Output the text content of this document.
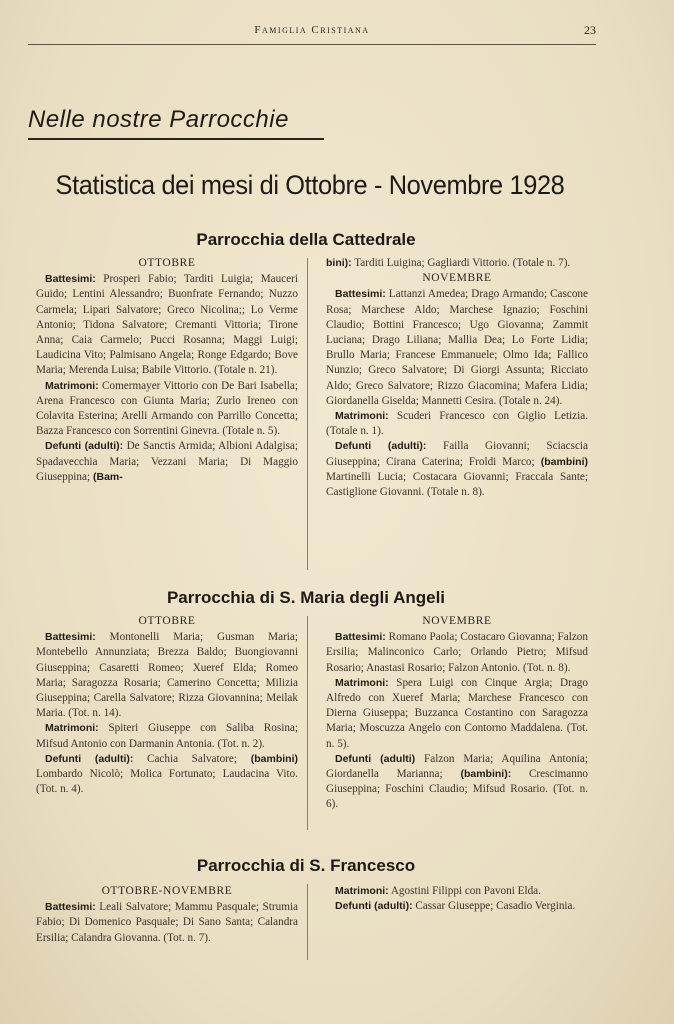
Famiglia Cristiana	23
Nelle nostre Parrocchie
Statistica dei mesi di Ottobre - Novembre 1928
Parrocchia della Cattedrale

OTTOBRE

Battesimi: Prosperi Fabio; Tarditi Luigia; Mauceri Guido; Lentini Alessandro; Buonfrate Fernando; Nuzzo Carmela; Lipari Salvatore; Greco Nicolina;; Lo Verme Antonio; Tidona Salvatore; Cremanti Vittoria; Tirone Anna; Caia Carmelo; Pucci Rosanna; Maggi Luigi; Laudicina Vito; Palmisano Angela; Ronge Edgardo; Bove Maria; Merenda Luisa; Babile Vittorio. (Totale n. 21).

Matrimoni: Comermayer Vittorio con De Bari Isabella; Arena Francesco con Giunta Maria; Zurlo Ireneo con Colavita Esterina; Arelli Armando con Parrillo Concetta; Bazza Francesco con Sorrentini Ginevra. (Totale n. 5).

Defunti (adulti): De Sanctis Armida; Albioni Adalgisa; Spadavecchia Maria; Vezzani Maria; Di Maggio Giuseppina; (Bam-

bini): Tarditi Luigina; Gagliardi Vittorio. (Totale n. 7).

NOVEMBRE

Battesimi: Lattanzi Amedea; Drago Armando; Cascone Rosa; Marchese Aldo; Marchese Ignazio; Foschini Claudio; Bottini Francesco; Ugo Giovanna; Zammit Luciana; Drago Liliana; Mallia Dea; Lo Forte Lidia; Brullo Maria; Francese Emmanuele; Olmo Ida; Fallico Nunzio; Greco Salvatore; Di Giorgi Assunta; Ricciato Aldo; Greco Salvatore; Rizzo Giacomina; Mafera Lidia; Giordanella Giselda; Mannetti Cesira. (Totale n. 24).

Matrimoni: Scuderi Francesco con Giglio Letizia. (Totale n. 1).

Defunti (adulti): Failla Giovanni; Sciacscia Giuseppina; Cirana Caterina; Froldi Marco; (bambini) Martinelli Lucia; Costacara Giovanni; Fraccala Sante; Castiglione Giovanni. (Totale n. 8).

Parrocchia di S. Maria degli Angeli

OTTOBRE

Battesimi: Montonelli Maria; Gusman Maria; Montebello Annunziata; Brezza Baldo; Buongiovanni Giuseppina; Casaretti Romeo; Xueref Elda; Romeo Maria; Saragozza Rosaria; Camerino Concetta; Milizia Giuseppina; Carella Salvatore; Rizza Giovannina; Meilak Maria. (Tot. n. 14).

Matrimoni: Spiteri Giuseppe con Saliba Rosina; Mifsud Antonio con Darmanin Antonia. (Tot. n. 2).

Defunti (adulti): Cachia Salvatore; (bambini) Lombardo Nicolò; Molica Fortunato; Laudacina Vito. (Tot. n. 4).

NOVEMBRE

Battesimi: Romano Paola; Costacaro Giovanna; Falzon Ersilia; Malinconico Carlo; Orlando Pietro; Mifsud Rosario; Anastasi Rosario; Falzon Antonio. (Tot. n. 8).

Matrimoni: Spera Luigi con Cinque Argia; Drago Alfredo con Xueref Maria; Marchese Francesco con Dierna Giuseppa; Buzzanca Costantino con Saragozza Maria; Moscuzza Angelo con Contorno Maddalena. (Tot. n. 5).

Defunti (adulti) Falzon Maria; Aquilina Antonia; Giordanella Marianna; (bambini): Crescimanno Giuseppina; Foschini Claudio; Mifsud Rosario. (Tot. n. 6).

Parrocchia di S. Francesco

OTTOBRE-NOVEMBRE

Battesimi: Leali Salvatore; Mammu Pasquale; Strumia Fabio; Di Domenico Pasquale; Di Sano Santa; Calandra Ersilia; Calandra Giovanna. (Tot. n. 7).

Matrimoni: Agostini Filippi con Pavoni Elda.

Defunti (adulti): Cassar Giuseppe; Casadio Verginia.
